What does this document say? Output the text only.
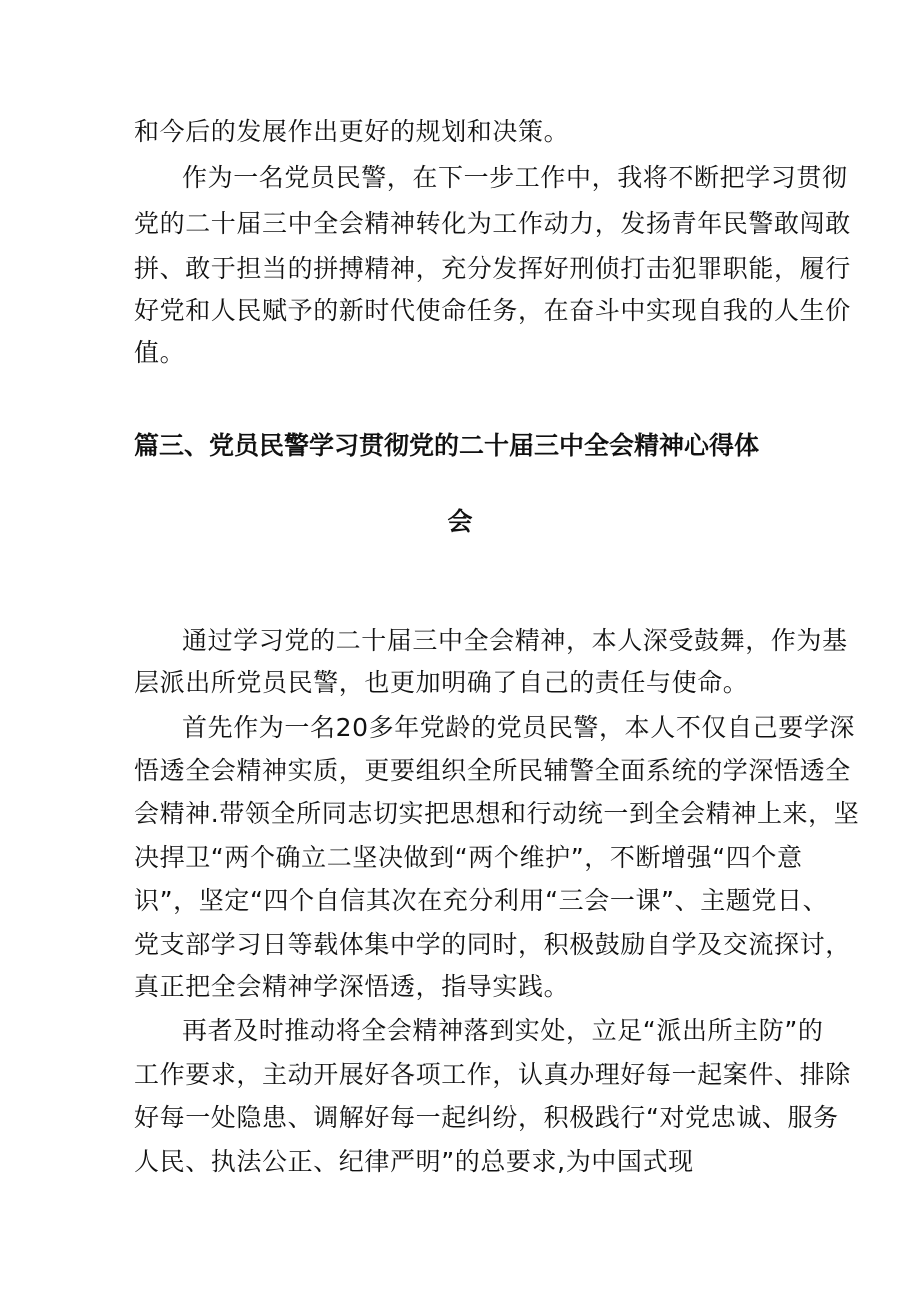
和今后的发展作出更好的规划和决策。
作为一名党员民警，在下一步工作中，我将不断把学习贯彻
党的二十届三中全会精神转化为工作动力，发扬青年民警敢闯敢
拼、敢于担当的拼搏精神，充分发挥好刑侦打击犯罪职能，履行
好党和人民赋予的新时代使命任务，在奋斗中实现自我的人生价
值。
篇三、党员民警学习贯彻党的二十届三中全会精神心得体
会
通过学习党的二十届三中全会精神，本人深受鼓舞，作为基
层派出所党员民警，也更加明确了自己的责任与使命。
首先作为一名20多年党龄的党员民警，本人不仅自己要学深
悟透全会精神实质，更要组织全所民辅警全面系统的学深悟透全
会精神.带领全所同志切实把思想和行动统一到全会精神上来，坚
决捍卫“两个确立二坚决做到“两个维护”，不断增强“四个意
识”，坚定“四个自信其次在充分利用“三会一课”、主题党日、
党支部学习日等载体集中学的同时，积极鼓励自学及交流探讨，
真正把全会精神学深悟透，指导实践。
再者及时推动将全会精神落到实处，立足“派出所主防”的
工作要求，主动开展好各项工作，认真办理好每一起案件、排除
好每一处隐患、调解好每一起纠纷，积极践行“对党忠诚、服务
人民、执法公正、纪律严明”的总要求,为中国式现
